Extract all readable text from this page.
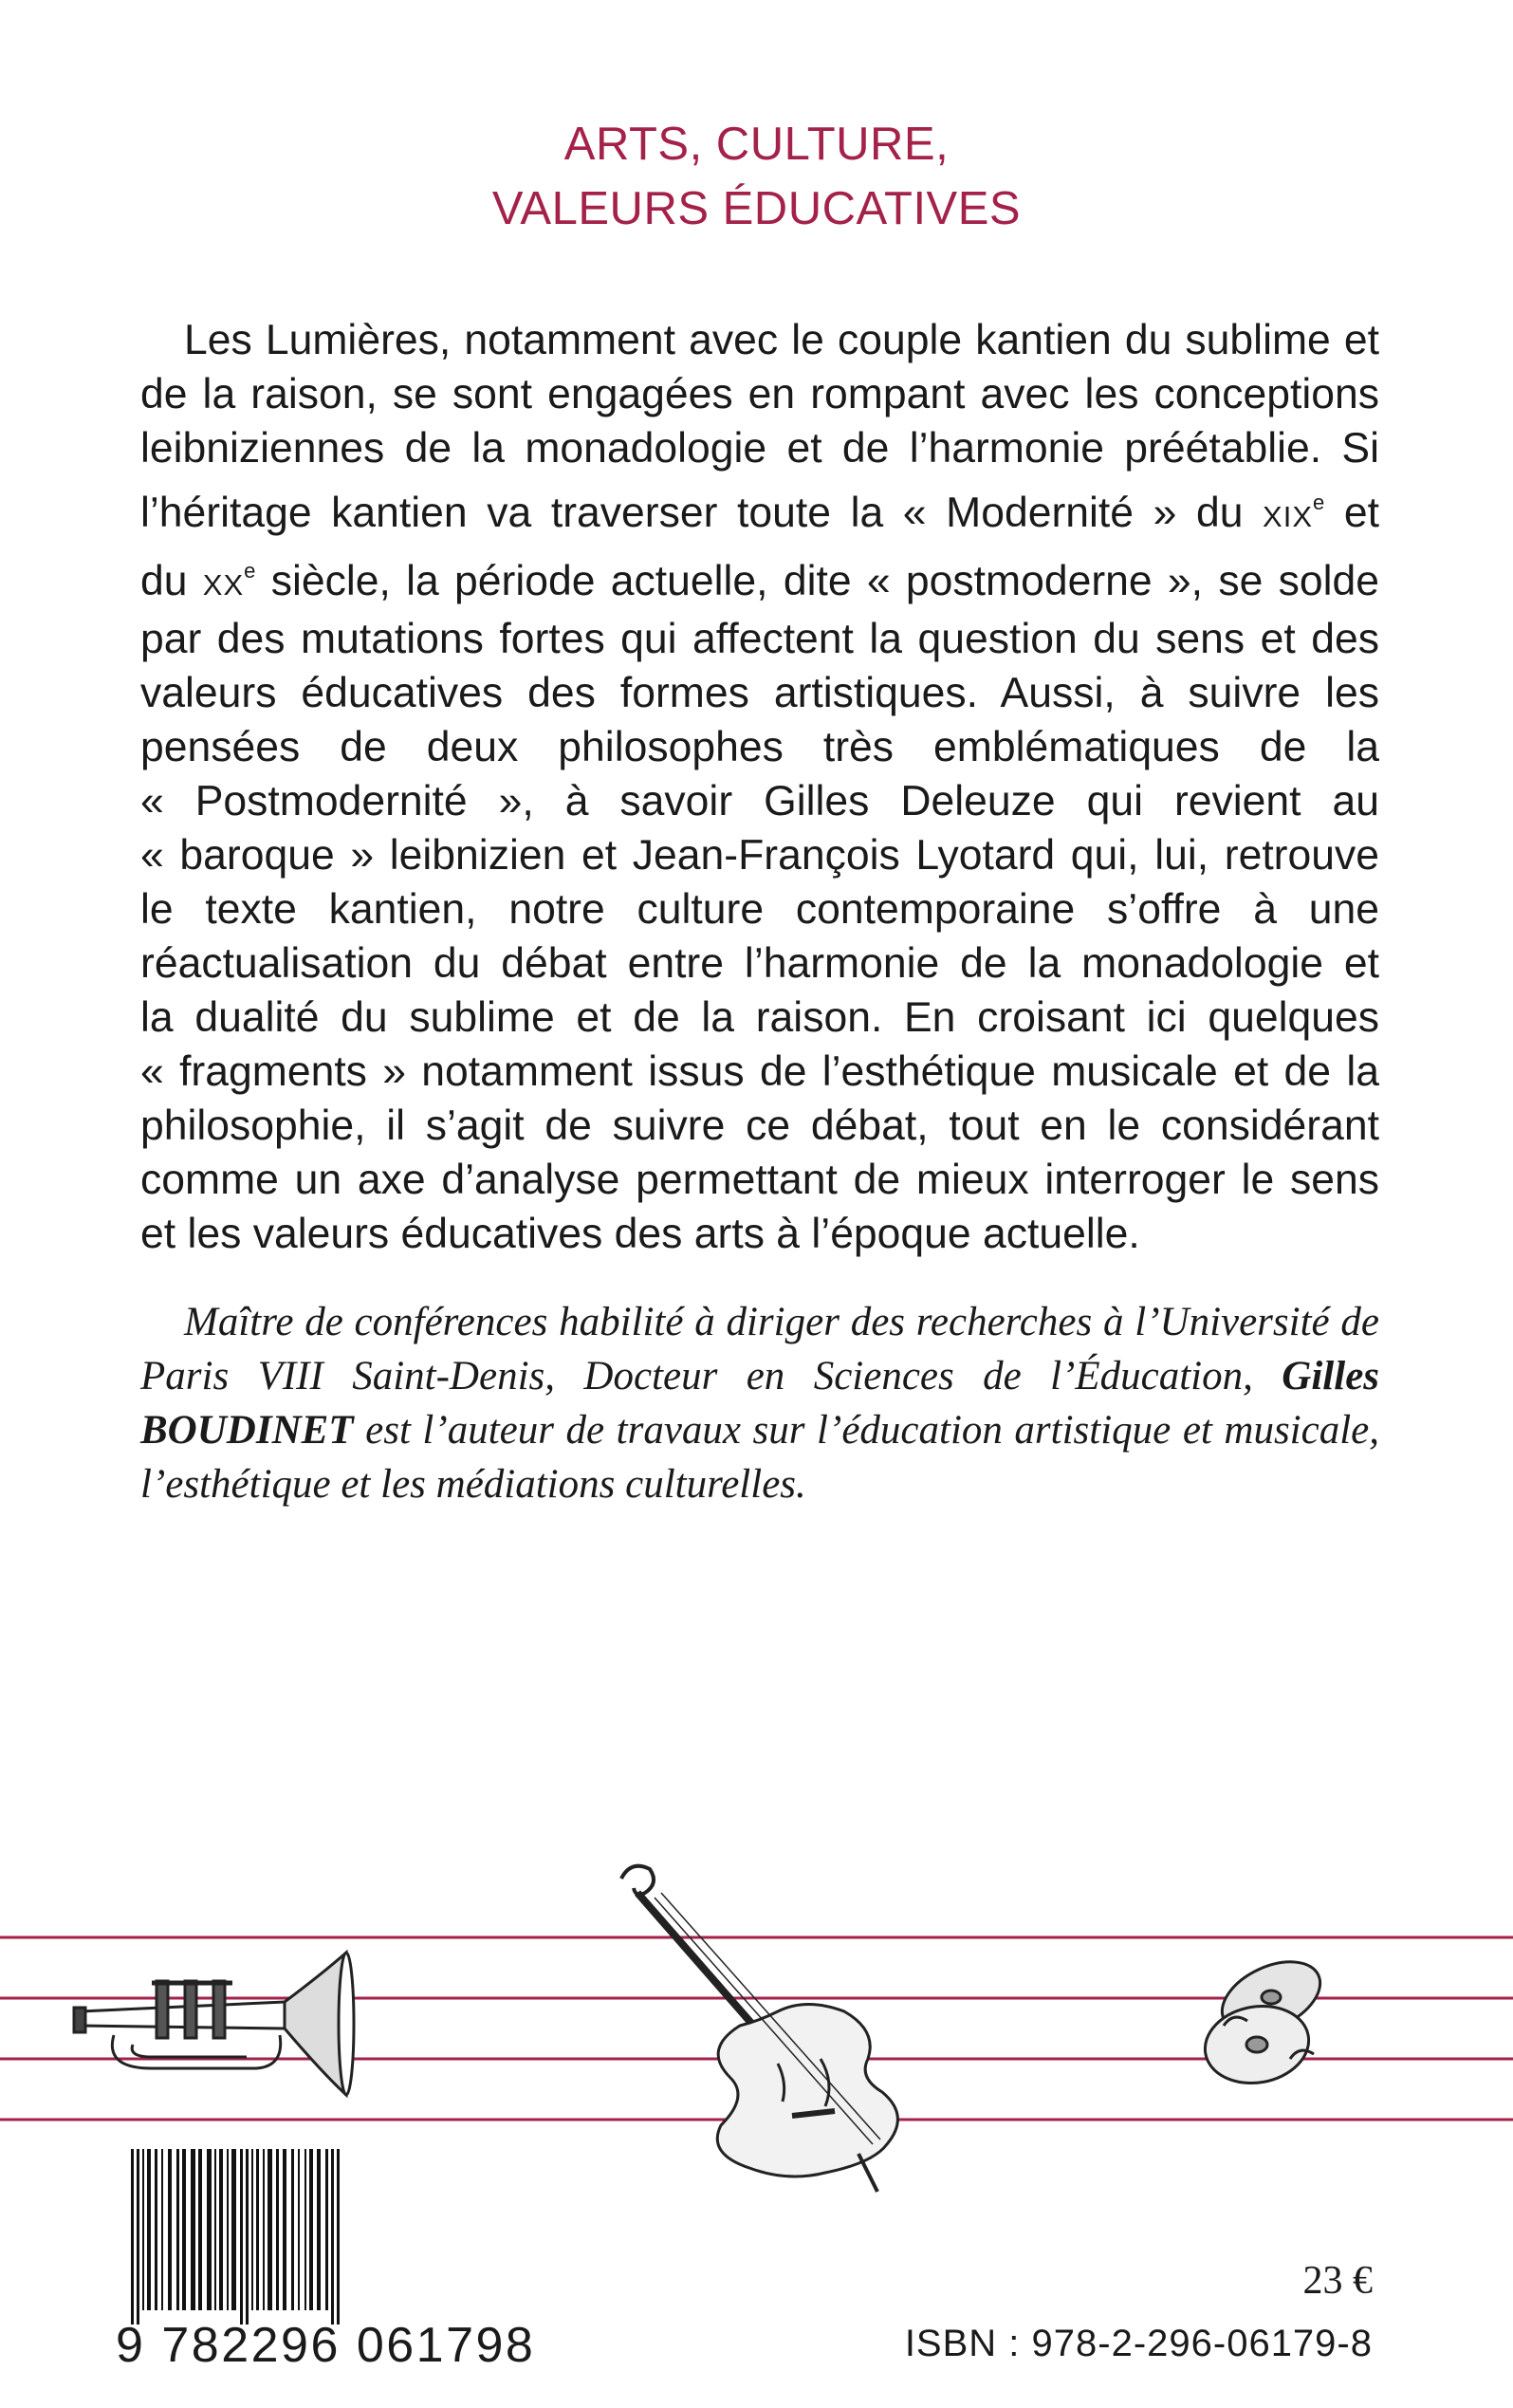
ARTS, CULTURE,
VALEURS ÉDUCATIVES
Les Lumières, notamment avec le couple kantien du sublime et
de la raison, se sont engagées en rompant avec les conceptions
leibniziennes de la monadologie et de l’harmonie préétablie. Si
l’héritage kantien va traverser toute la « Modernité » du XIXe et
du XXe siècle, la période actuelle, dite « postmoderne », se solde
par des mutations fortes qui affectent la question du sens et des
valeurs éducatives des formes artistiques. Aussi, à suivre les
pensées de deux philosophes très emblématiques de la
« Postmodernité », à savoir Gilles Deleuze qui revient au
« baroque » leibnizien et Jean-François Lyotard qui, lui, retrouve
le texte kantien, notre culture contemporaine s’offre à une
réactualisation du débat entre l’harmonie de la monadologie et
la dualité du sublime et de la raison. En croisant ici quelques
« fragments » notamment issus de l’esthétique musicale et de la
philosophie, il s’agit de suivre ce débat, tout en le considérant
comme un axe d’analyse permettant de mieux interroger le sens
et les valeurs éducatives des arts à l’époque actuelle.
Maître de conférences habilité à diriger des recherches à l’Université de
Paris VIII Saint-Denis, Docteur en Sciences de l’Éducation, Gilles
BOUDINET est l’auteur de travaux sur l’éducation artistique et musicale,
l’esthétique et les médiations culturelles.
9 782296 061798
23 €
ISBN : 978-2-296-06179-8
